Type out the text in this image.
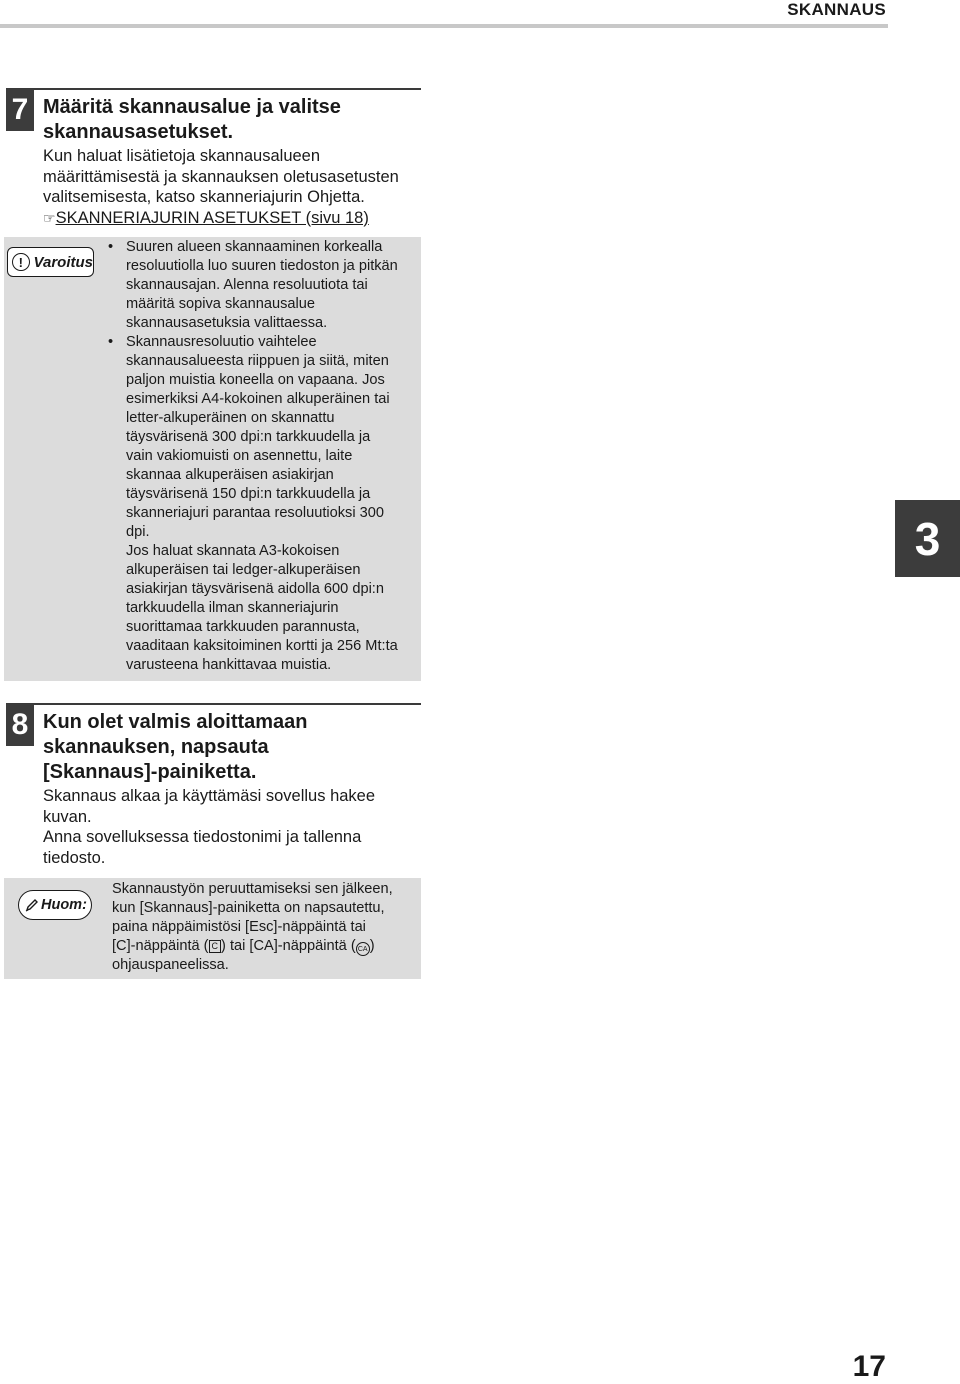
SKANNAUS
7 Määritä skannausalue ja valitse
skannausasetukset.

Kun haluat lisätietoja skannausalueen
määrittämisestä ja skannauksen oletusasetusten
valitsemisesta, katso skanneriajurin Ohjetta.
☞SKANNERIAJURIN ASETUKSET (sivu 18)

! Varoitus

• Suuren alueen skannaaminen korkealla
resoluutiolla luo suuren tiedoston ja pitkän
skannausajan. Alenna resoluutiota tai
määritä sopiva skannausalue
skannausasetuksia valittaessa.

• Skannausresoluutio vaihtelee
skannausalueesta riippuen ja siitä, miten
paljon muistia koneella on vapaana. Jos
esimerkiksi A4-kokoinen alkuperäinen tai
letter-alkuperäinen on skannattu
täysvärisenä 300 dpi:n tarkkuudella ja
vain vakiomuisti on asennettu, laite
skannaa alkuperäisen asiakirjan
täysvärisenä 150 dpi:n tarkkuudella ja
skanneriajuri parantaa resoluutioksi 300
dpi.
Jos haluat skannata A3-kokoisen
alkuperäisen tai ledger-alkuperäisen
asiakirjan täysvärisenä aidolla 600 dpi:n
tarkkuudella ilman skanneriajurin
suorittamaa tarkkuuden parannusta,
vaaditaan kaksitoiminen kortti ja 256 Mt:ta
varusteena hankittavaa muistia.

8 Kun olet valmis aloittamaan
skannauksen, napsauta
[Skannaus]-painiketta.

Skannaus alkaa ja käyttämäsi sovellus hakee
kuvan.
Anna sovelluksessa tiedostonimi ja tallenna
tiedosto.

Huom:

Skannaustyön peruuttamiseksi sen jälkeen,
kun [Skannaus]-painiketta on napsautettu,
paina näppäimistösi [Esc]-näppäintä tai
[C]-näppäintä ( C ) tai [CA]-näppäintä ( CA )
ohjauspaneelissa.

3
17
